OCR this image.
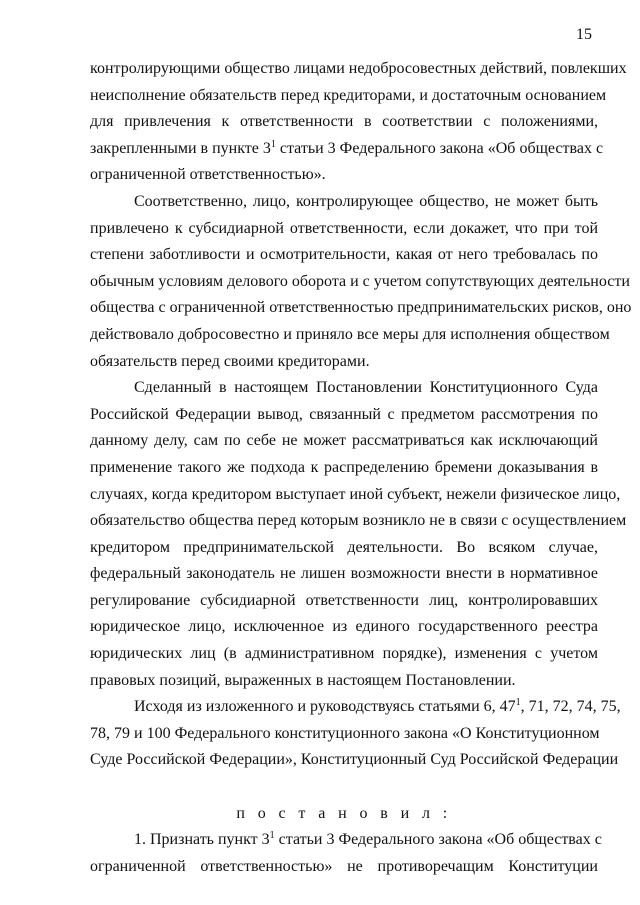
15
контролирующими общество лицами недобросовестных действий, повлекших
неисполнение обязательств перед кредиторами, и достаточным основанием
для привлечения к ответственности в соответствии с положениями,
закрепленными в пункте $3^1$ статьи 3 Федерального закона «Об обществах с
ограниченной ответственностью».
Соответственно, лицо, контролирующее общество, не может быть
привлечено к субсидиарной ответственности, если докажет, что при той
степени заботливости и осмотрительности, какая от него требовалась по
обычным условиям делового оборота и с учетом сопутствующих деятельности
общества с ограниченной ответственностью предпринимательских рисков, оно
действовало добросовестно и приняло все меры для исполнения обществом
обязательств перед своими кредиторами.
Сделанный в настоящем Постановлении Конституционного Суда
Российской Федерации вывод, связанный с предметом рассмотрения по
данному делу, сам по себе не может рассматриваться как исключающий
применение такого же подхода к распределению бремени доказывания в
случаях, когда кредитором выступает иной субъект, нежели физическое лицо,
обязательство общества перед которым возникло не в связи с осуществлением
кредитором предпринимательской деятельности. Во всяком случае,
федеральный законодатель не лишен возможности внести в нормативное
регулирование субсидиарной ответственности лиц, контролировавших
юридическое лицо, исключенное из единого государственного реестра
юридических лиц (в административном порядке), изменения с учетом
правовых позиций, выраженных в настоящем Постановлении.
Исходя из изложенного и руководствуясь статьями 6, $47^1$, 71, 72, 74, 75,
78, 79 и 100 Федерального конституционного закона «О Конституционном
Суде Российской Федерации», Конституционный Суд Российской Федерации
п о с т а н о в и л :
1. Признать пункт $3^1$ статьи 3 Федерального закона «Об обществах с
ограниченной ответственностью» не противоречащим Конституции
